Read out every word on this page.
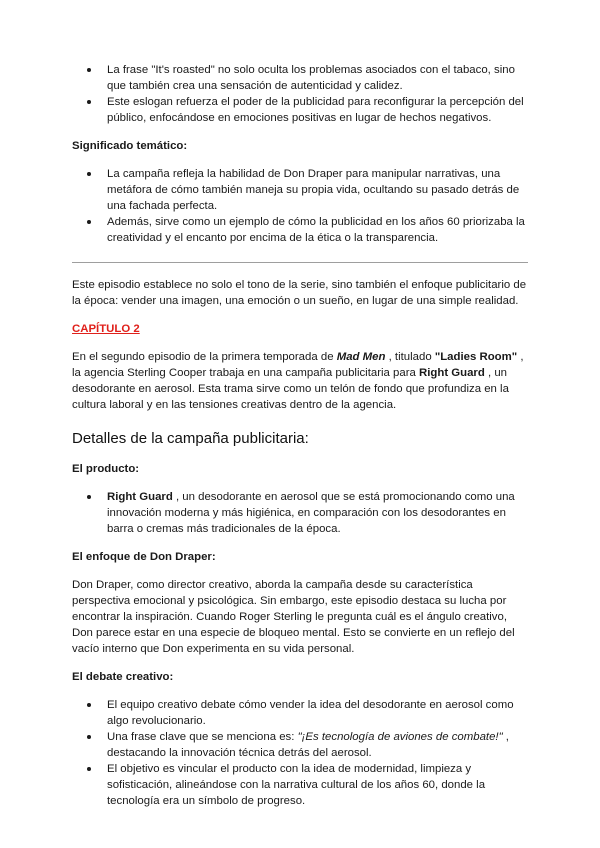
La frase "It's roasted" no solo oculta los problemas asociados con el tabaco, sino que también crea una sensación de autenticidad y calidez.
Este eslogan refuerza el poder de la publicidad para reconfigurar la percepción del público, enfocándose en emociones positivas en lugar de hechos negativos.

Significado temático:

La campaña refleja la habilidad de Don Draper para manipular narrativas, una metáfora de cómo también maneja su propia vida, ocultando su pasado detrás de una fachada perfecta.
Además, sirve como un ejemplo de cómo la publicidad en los años 60 priorizaba la creatividad y el encanto por encima de la ética o la transparencia.

Este episodio establece no solo el tono de la serie, sino también el enfoque publicitario de la época: vender una imagen, una emoción o un sueño, en lugar de una simple realidad.

CAPÍTULO 2

En el segundo episodio de la primera temporada de Mad Men , titulado "Ladies Room" , la agencia Sterling Cooper trabaja en una campaña publicitaria para Right Guard , un desodorante en aerosol. Esta trama sirve como un telón de fondo que profundiza en la cultura laboral y en las tensiones creativas dentro de la agencia.

Detalles de la campaña publicitaria:

El producto:

Right Guard , un desodorante en aerosol que se está promocionando como una innovación moderna y más higiénica, en comparación con los desodorantes en barra o cremas más tradicionales de la época.

El enfoque de Don Draper:

Don Draper, como director creativo, aborda la campaña desde su característica perspectiva emocional y psicológica. Sin embargo, este episodio destaca su lucha por encontrar la inspiración. Cuando Roger Sterling le pregunta cuál es el ángulo creativo, Don parece estar en una especie de bloqueo mental. Esto se convierte en un reflejo del vacío interno que Don experimenta en su vida personal.

El debate creativo:

El equipo creativo debate cómo vender la idea del desodorante en aerosol como algo revolucionario.
Una frase clave que se menciona es: "¡Es tecnología de aviones de combate!" , destacando la innovación técnica detrás del aerosol.
El objetivo es vincular el producto con la idea de modernidad, limpieza y sofisticación, alineándose con la narrativa cultural de los años 60, donde la tecnología era un símbolo de progreso.
